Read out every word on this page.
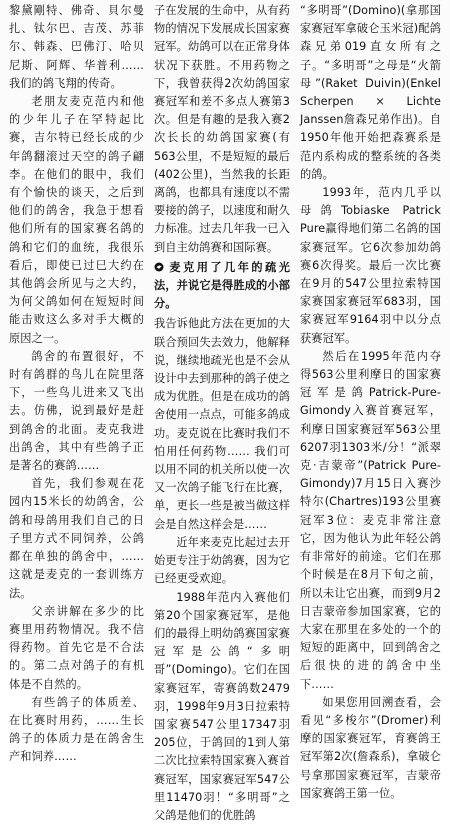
黎黛剛特、佛奇、貝尔曼扎、钛尔巴、吉茂、苏菲尔、韩森、巴佛汀、哈贝尼斯、阿辉、华普利……我们的鸽飞翔的传奇。

老朋友麦克范内和他的少年儿子在罕特起比赛，吉尔特已经长成的少年鸽翻滚过天空的鸽子翩李。在他们的眼中，我们有个愉快的谈天，之后到他们的鸽舍，我急于想看他们所有的国家赛名鸽的鸽和它们的血统，我很乐看后，即使已过巳大约在其他鸽会所见与之大约，为何父鸽如何在短短时间能击败这么多对手大概的原因之一。

鸽舍的布置很好，不时有鸽群的鸟儿在院里落下，一些鸟儿进来又飞出去。仿佛，说到最好是赶到鸽舍的北面。麦克我进出鸽舍，其中有些鸽子正是著名的赛鸽……

首先，我们参观在花园内15米长的幼鸽舍，公鸽和母鸽用我们自己的日子里方式不同饲养，公鸽都在单独的鸽舍中，……这就是麦克的一套训练方法。

父亲讲解在多少的比赛里用药物情况。我不信得药物。首先它是不合法的。第二点对鸽子的有机体是不自然的。

有些鸽子的体质差、在比赛时用药，……生长鸽子的体质力是在鸽舍生产和饲养……

子在发展的生命中，从有药物的情况下发展成长国家赛冠军。幼鸽可以在正常身体状况下获胜。不用药物之下，我曾获得2次幼鸽国家赛冠军和差不多点人赛第3次。但是有趣的是我入赛2次长长的幼鸽国家赛(有563公里，不是短短的最后(402公里)，当然我的长距离鸽，也都具有速度以不需要接的鸽子，以速度和耐久力标准。过去几年我一已入到自主幼鸽赛和国际赛。

麦克用了几年的疏光法，并说它是得胜成的小部分。

我告诉他此方法在更加的大联合预回失去效力，他解释说，继续地疏光也是不会从设计中去到那种的鸽子使之成为优胜。但是在成功的鸽舍使用一点点，可能多鸽成功。麦克说在比赛时我们不怕用任何药物…… 我们可以用不同的机关所以使一次又一次鸽子能飞行在比赛，单，更长一些是被当做这样会是自然这样会是……

近年来麦克比起过去开始更专注于幼鸽赛，因为它已经更受欢迎。

1988年范内入赛他们第20个国家赛冠军，是他们的最得上明幼鸽赛国家赛冠军是公鸽“多明哥”(Domingo)。它们在国家赛冠军，寄赛鸽数2479羽，1998年9月3日拉索特国家赛547公里17347羽205位，于鸽回的1到人第二次比拉索特国家赛入赛首赛冠军，国家赛冠军547公里11470羽！“多明哥”之父鸽是他们的优胜鸽

“多明哥”(Domino)(拿那国家赛冠军拿破仑玉米冠)配鸽森兄弟019直女所有之子。“多明哥”之母是“火箭母”(Raket Duivin)(Enkel Scherpen × Lichte Janssen詹森兄弟作出)。自1950年他开始把森赛系是范内系构成的整系统的各类的鸽。

1993年，范内几乎以母鸽Tobiaske Patrick Pure赢得地们第二名鸽的国家赛冠军。它6次参加幼鸽赛6次得奖。最后一次比赛在9月的547公里拉索特国家赛国家赛冠军683羽，国家赛冠军9164羽中以分点获赛冠军。

然后在1995年范内夺得563公里利摩日的国家赛冠军是鸽Patrick-Pure-Gimondy入赛首赛冠军，利摩日国家赛冠军563公里6207羽1303米/分！“派翠克·吉蒙帝”(Patrick Pure-Gimondy)7月15日入赛沙特尔(Chartres)193公里赛冠军3位：麦克非常注意它，因为他认为此年轻公鸽有非常好的前途。它们在那个时候是在8月下旬之前，所以未让它出赛，而到9月2日吉蒙帝参加国家赛，它的大家在那里在多处的一个的短短的距离中，回到鸽舍之后很快的进的鸽舍中坐下……

如果您用回溯查看，会看见“多梭尔”(Dromer)利摩的国家赛冠军，育赛鸽王冠军第2次(詹森系)，拿破仑号拿那国家赛冠军，吉蒙帝国家赛鸽王第一位。
